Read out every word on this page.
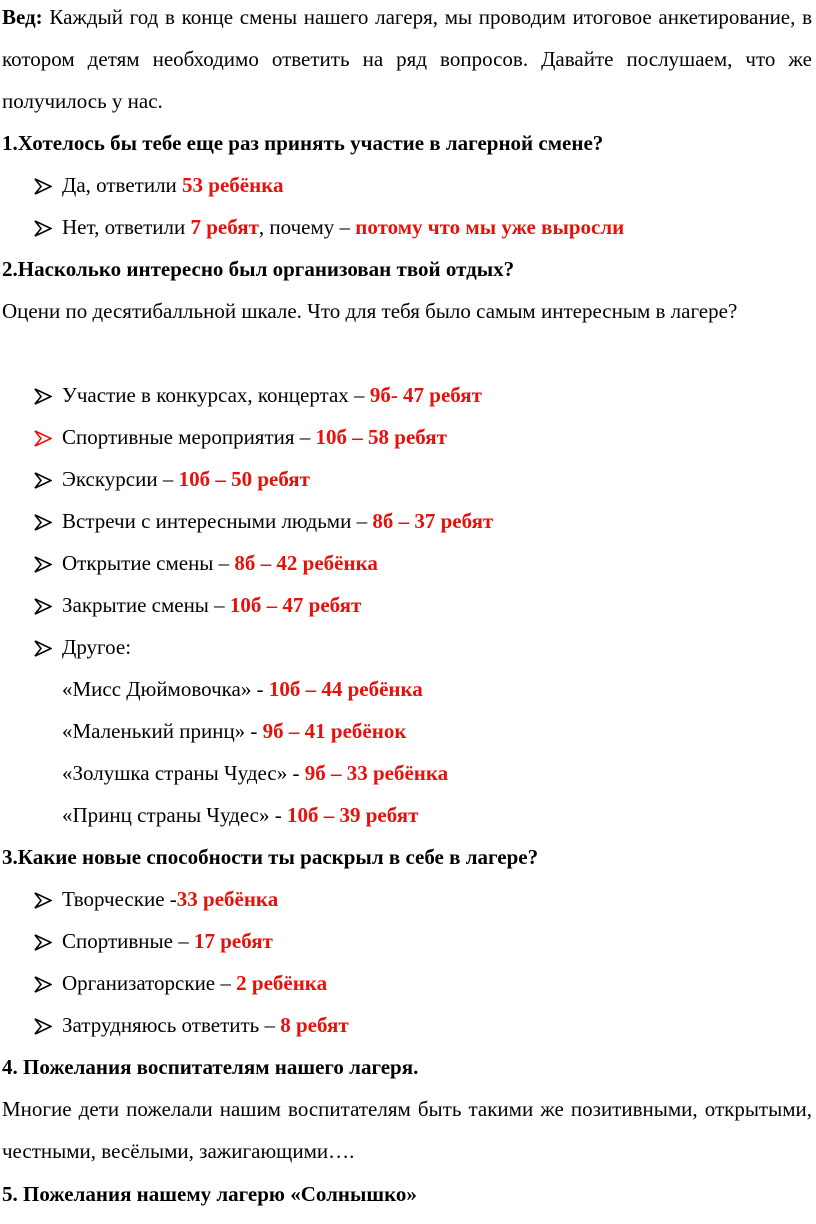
Вед: Каждый год в конце смены нашего лагеря, мы проводим итоговое анкетирование, в котором детям необходимо ответить на ряд вопросов. Давайте послушаем, что же получилось у нас.

1.Хотелось бы тебе еще раз принять участие в лагерной смене?
Да, ответили 53 ребёнка
Нет, ответили 7 ребят, почему – потому что мы уже выросли
2.Насколько интересно был организован твой отдых?

Оцени по десятибалльной шкале. Что для тебя было самым интересным в лагере?

Участие в конкурсах, концертах – 9б- 47 ребят
Спортивные мероприятия – 10б – 58 ребят
Экскурсии – 10б – 50 ребят
Встречи с интересными людьми – 8б – 37 ребят
Открытие смены – 8б – 42 ребёнка
Закрытие смены – 10б – 47 ребят
Другое:
«Мисс Дюймовочка» - 10б – 44 ребёнка
«Маленький принц» - 9б – 41 ребёнок
«Золушка страны Чудес» - 9б – 33 ребёнка
«Принц страны Чудес» - 10б – 39 ребят
3.Какие новые способности ты раскрыл в себе в лагере?
Творческие -33 ребёнка
Спортивные – 17 ребят
Организаторские – 2 ребёнка
Затрудняюсь ответить – 8 ребят
4. Пожелания воспитателям нашего лагеря.

Многие дети пожелали нашим воспитателям быть такими же позитивными, открытыми, честными, весёлыми, зажигающими….

5. Пожелания нашему лагерю «Солнышко»
